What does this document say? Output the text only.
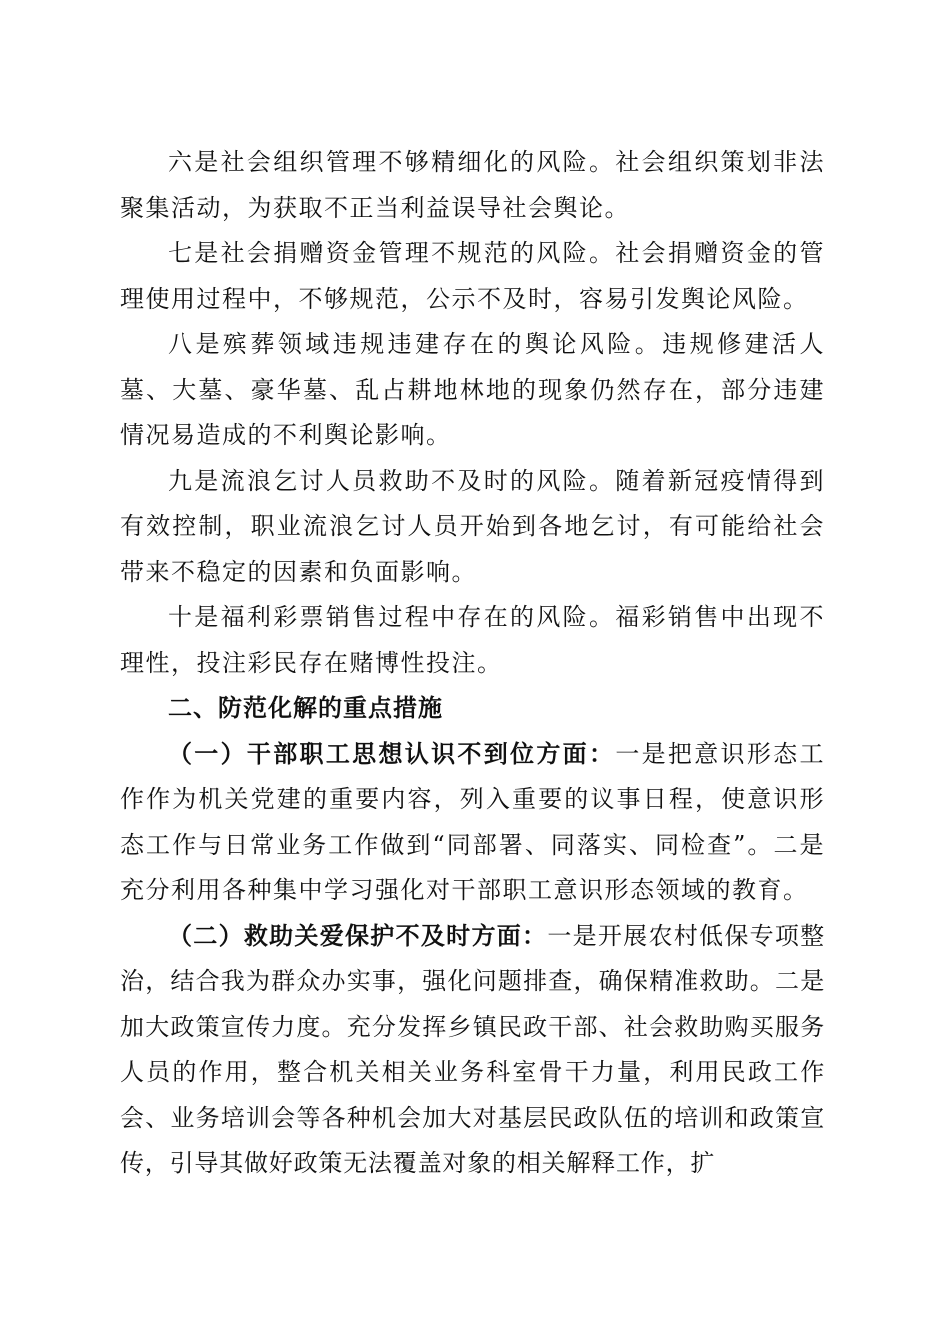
六是社会组织管理不够精细化的风险。社会组织策划非法聚集活动，为获取不正当利益误导社会舆论。

七是社会捐赠资金管理不规范的风险。社会捐赠资金的管理使用过程中，不够规范，公示不及时，容易引发舆论风险。

八是殡葬领域违规违建存在的舆论风险。违规修建活人墓、大墓、豪华墓、乱占耕地林地的现象仍然存在，部分违建情况易造成的不利舆论影响。

九是流浪乞讨人员救助不及时的风险。随着新冠疫情得到有效控制，职业流浪乞讨人员开始到各地乞讨，有可能给社会带来不稳定的因素和负面影响。

十是福利彩票销售过程中存在的风险。福彩销售中出现不理性，投注彩民存在赌博性投注。

二、防范化解的重点措施

（一）干部职工思想认识不到位方面：一是把意识形态工作作为机关党建的重要内容，列入重要的议事日程，使意识形态工作与日常业务工作做到“同部署、同落实、同检查”。二是充分利用各种集中学习强化对干部职工意识形态领域的教育。

（二）救助关爱保护不及时方面：一是开展农村低保专项整治，结合我为群众办实事，强化问题排查，确保精准救助。二是加大政策宣传力度。充分发挥乡镇民政干部、社会救助购买服务人员的作用，整合机关相关业务科室骨干力量，利用民政工作会、业务培训会等各种机会加大对基层民政队伍的培训和政策宣传，引导其做好政策无法覆盖对象的相关解释工作，扩
